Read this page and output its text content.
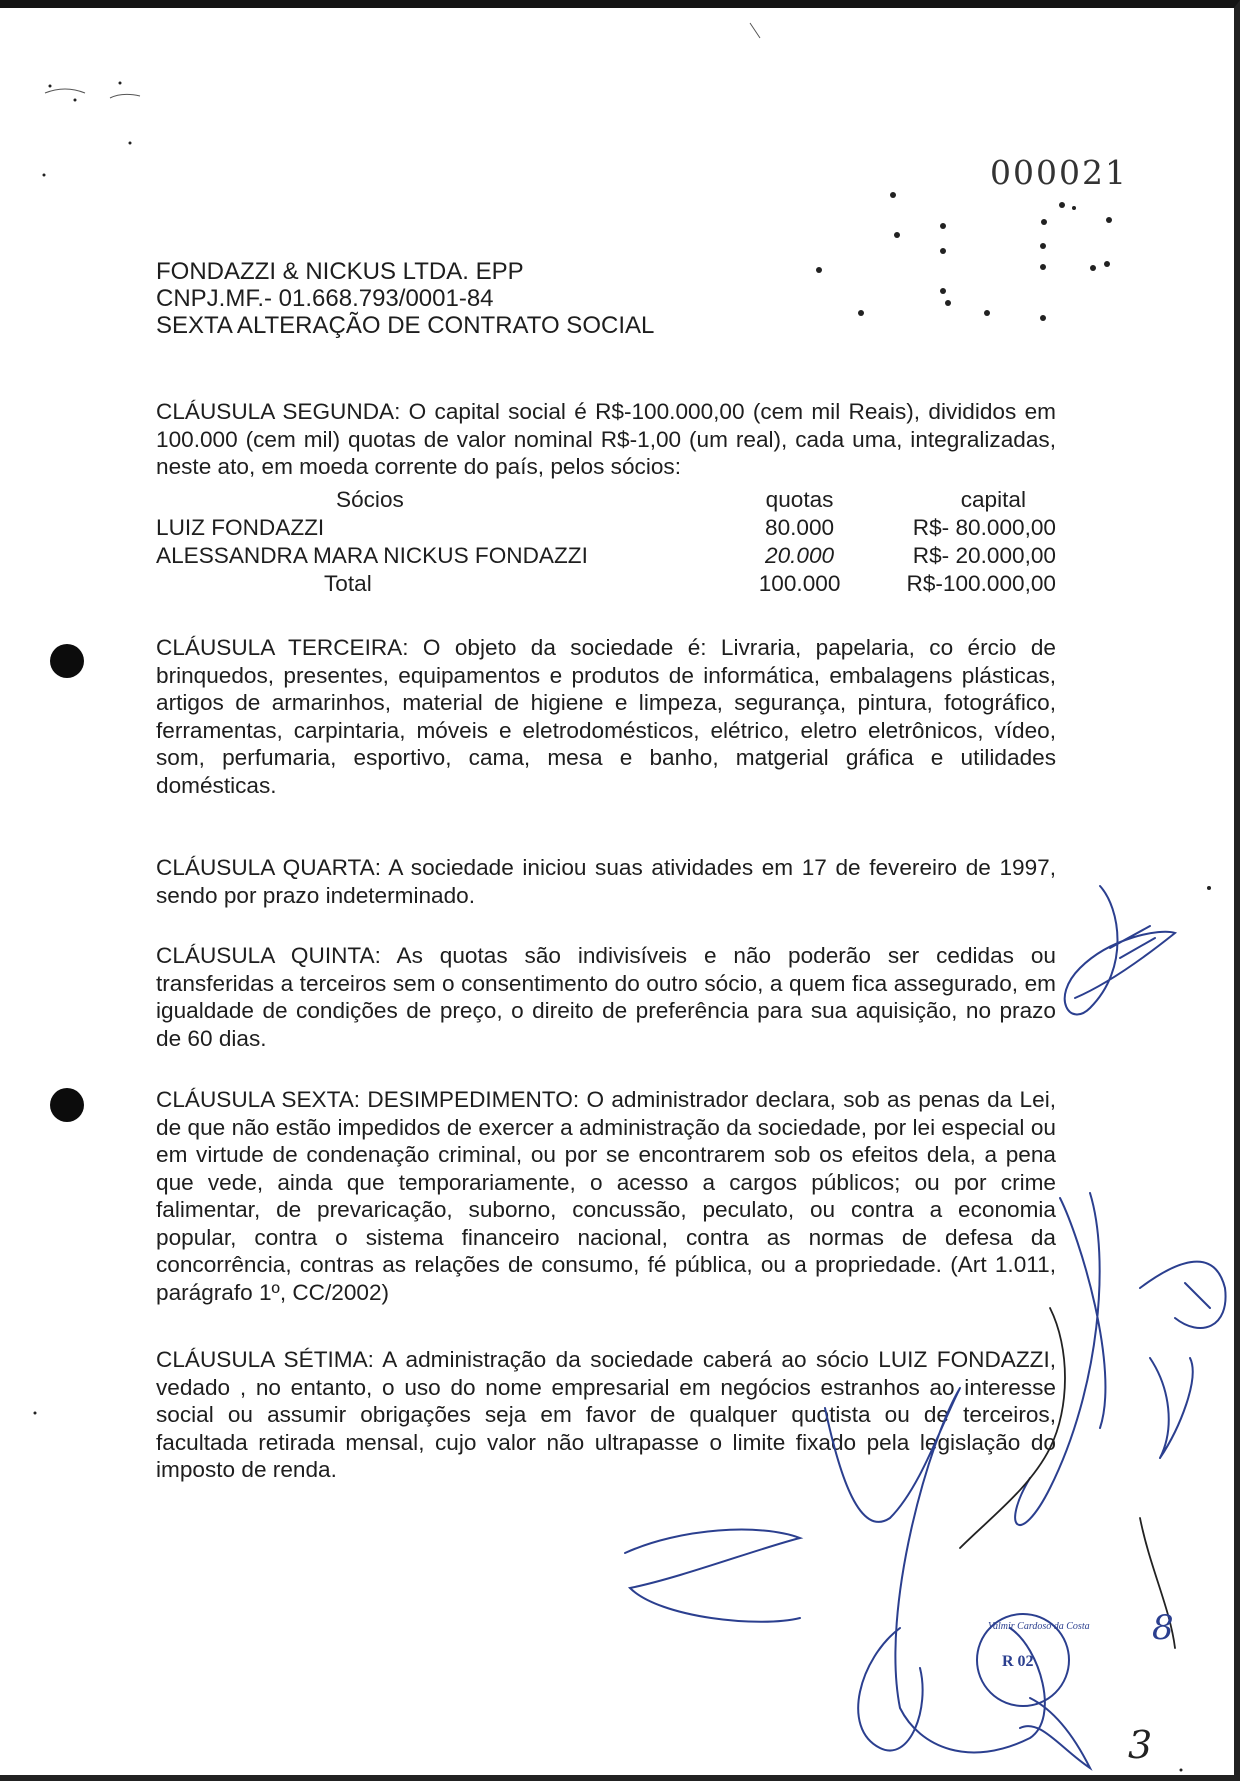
000021
FONDAZZI & NICKUS LTDA. EPP
CNPJ.MF.- 01.668.793/0001-84
SEXTA ALTERAÇÃO DE CONTRATO SOCIAL

CLÁUSULA SEGUNDA: O capital social é R$-100.000,00 (cem mil Reais), divididos em 100.000 (cem mil) quotas de valor nominal R$-1,00 (um real), cada uma, integralizadas, neste ato, em moeda corrente do país, pelos sócios:

Sócios	quotas	capital
LUIZ FONDAZZI	80.000	R$- 80.000,00
ALESSANDRA MARA NICKUS FONDAZZI	20.000	R$- 20.000,00
Total	100.000	R$-100.000,00

CLÁUSULA TERCEIRA: O objeto da sociedade é: Livraria, papelaria, co ércio de brinquedos, presentes, equipamentos e produtos de informática, embalagens plásticas, artigos de armarinhos, material de higiene e limpeza, segurança, pintura, fotográfico, ferramentas, carpintaria, móveis e eletrodomésticos, elétrico, eletro eletrônicos, vídeo, som, perfumaria, esportivo, cama, mesa e banho, matgerial gráfica e utilidades domésticas.

CLÁUSULA QUARTA: A sociedade iniciou suas atividades em 17 de fevereiro de 1997, sendo por prazo indeterminado.

CLÁUSULA QUINTA: As quotas são indivisíveis e não poderão ser cedidas ou transferidas a terceiros sem o consentimento do outro sócio, a quem fica assegurado, em igualdade de condições de preço, o direito de preferência para sua aquisição, no prazo de 60 dias.

CLÁUSULA SEXTA: DESIMPEDIMENTO: O administrador declara, sob as penas da Lei, de que não estão impedidos de exercer a administração da sociedade, por lei especial ou em virtude de condenação criminal, ou por se encontrarem sob os efeitos dela, a pena que vede, ainda que temporariamente, o acesso a cargos públicos; ou por crime falimentar, de prevaricação, suborno, concussão, peculato, ou contra a economia popular, contra o sistema financeiro nacional, contra as normas de defesa da concorrência, contras as relações de consumo, fé pública, ou a propriedade. (Art 1.011, parágrafo 1º, CC/2002)

CLÁUSULA SÉTIMA: A administração da sociedade caberá ao sócio LUIZ FONDAZZI, vedado , no entanto, o uso do nome empresarial em negócios estranhos ao interesse social ou assumir obrigações seja em favor de qualquer quotista ou de terceiros, facultada retirada mensal, cujo valor não ultrapasse o limite fixado pela legislação do imposto de renda.

3
8
Valmir Cardoso da Costa
R 02
